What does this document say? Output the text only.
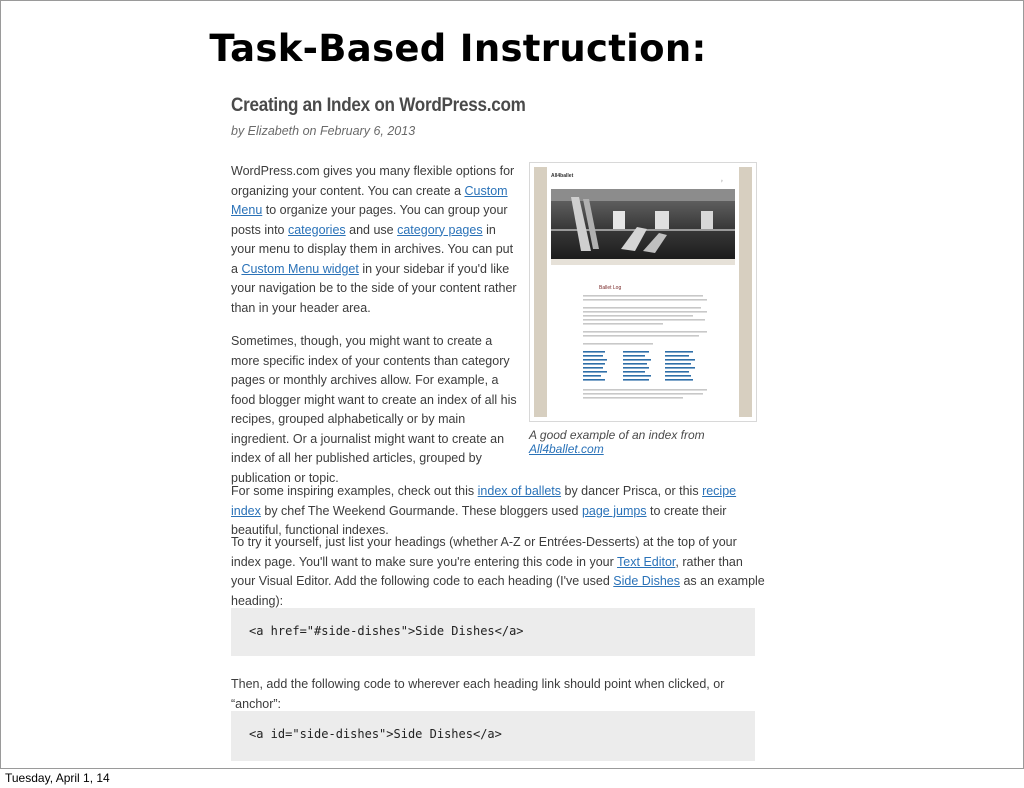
Task-Based Instruction:
Creating an Index on WordPress.com
by Elizabeth on February 6, 2013
WordPress.com gives you many flexible options for organizing your content. You can create a Custom Menu to organize your pages. You can group your posts into categories and use category pages in your menu to display them in archives. You can put a Custom Menu widget in your sidebar if you'd like your navigation be to the side of your content rather than in your header area.
Sometimes, though, you might want to create a more specific index of your contents than category pages or monthly archives allow. For example, a food blogger might want to create an index of all his recipes, grouped alphabetically or by main ingredient. Or a journalist might want to create an index of all her published articles, grouped by publication or topic.
All4ballet
⚲
Ballet Log
A good example of an index from All4ballet.com
For some inspiring examples, check out this index of ballets by dancer Prisca, or this recipe index by chef The Weekend Gourmande. These bloggers used page jumps to create their beautiful, functional indexes.
To try it yourself, just list your headings (whether A-Z or Entrées-Desserts) at the top of your index page. You'll want to make sure you're entering this code in your Text Editor, rather than your Visual Editor. Add the following code to each heading (I've used Side Dishes as an example heading):
<a href="#side-dishes">Side Dishes</a>
Then, add the following code to wherever each heading link should point when clicked, or “anchor”:
<a id="side-dishes">Side Dishes</a>
Tuesday, April 1, 14
